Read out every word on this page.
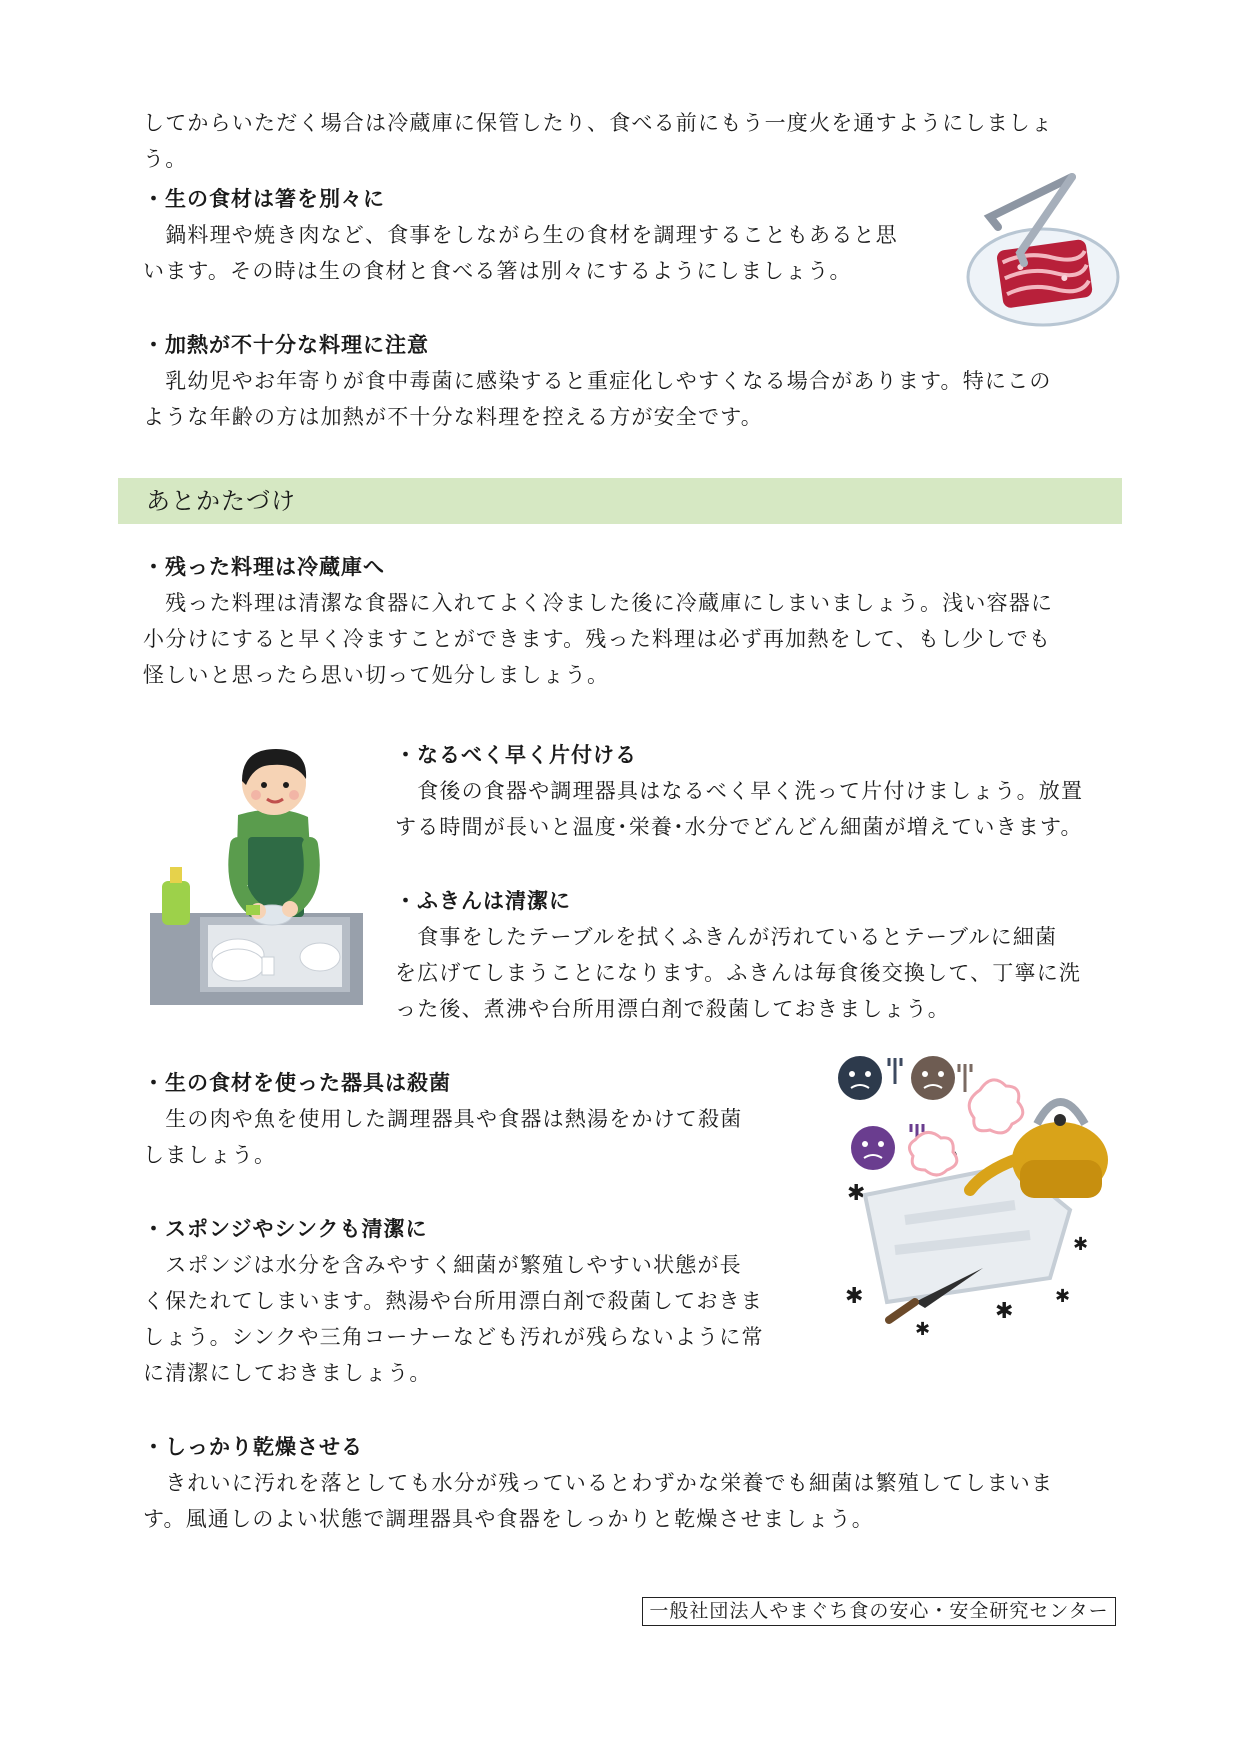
してからいただく場合は冷蔵庫に保管したり、食べる前にもう一度火を通すようにしましょ
う。
・生の食材は箸を別々に
　鍋料理や焼き肉など、食事をしながら生の食材を調理することもあると思
います。その時は生の食材と食べる箸は別々にするようにしましょう。
・加熱が不十分な料理に注意
　乳幼児やお年寄りが食中毒菌に感染すると重症化しやすくなる場合があります。特にこの
ような年齢の方は加熱が不十分な料理を控える方が安全です。
あとかたづけ
・残った料理は冷蔵庫へ
　残った料理は清潔な食器に入れてよく冷ました後に冷蔵庫にしまいましょう。浅い容器に
小分けにすると早く冷ますことができます。残った料理は必ず再加熱をして、もし少しでも
怪しいと思ったら思い切って処分しましょう。
・なるべく早く片付ける
　食後の食器や調理器具はなるべく早く洗って片付けましょう。放置
する時間が長いと温度･栄養･水分でどんどん細菌が増えていきます。
・ふきんは清潔に
　食事をしたテーブルを拭くふきんが汚れているとテーブルに細菌
を広げてしまうことになります。ふきんは毎食後交換して、丁寧に洗
った後、煮沸や台所用漂白剤で殺菌しておきましょう。
・生の食材を使った器具は殺菌
　生の肉や魚を使用した調理器具や食器は熱湯をかけて殺菌
しましょう。
・スポンジやシンクも清潔に
　スポンジは水分を含みやすく細菌が繁殖しやすい状態が長
く保たれてしまいます。熱湯や台所用漂白剤で殺菌しておきま
しょう。シンクや三角コーナーなども汚れが残らないように常
に清潔にしておきましょう。
✱
✱
✱
✱
✱
✱
・しっかり乾燥させる
　きれいに汚れを落としても水分が残っているとわずかな栄養でも細菌は繁殖してしまいま
す。風通しのよい状態で調理器具や食器をしっかりと乾燥させましょう。
一般社団法人やまぐち食の安心・安全研究センター
